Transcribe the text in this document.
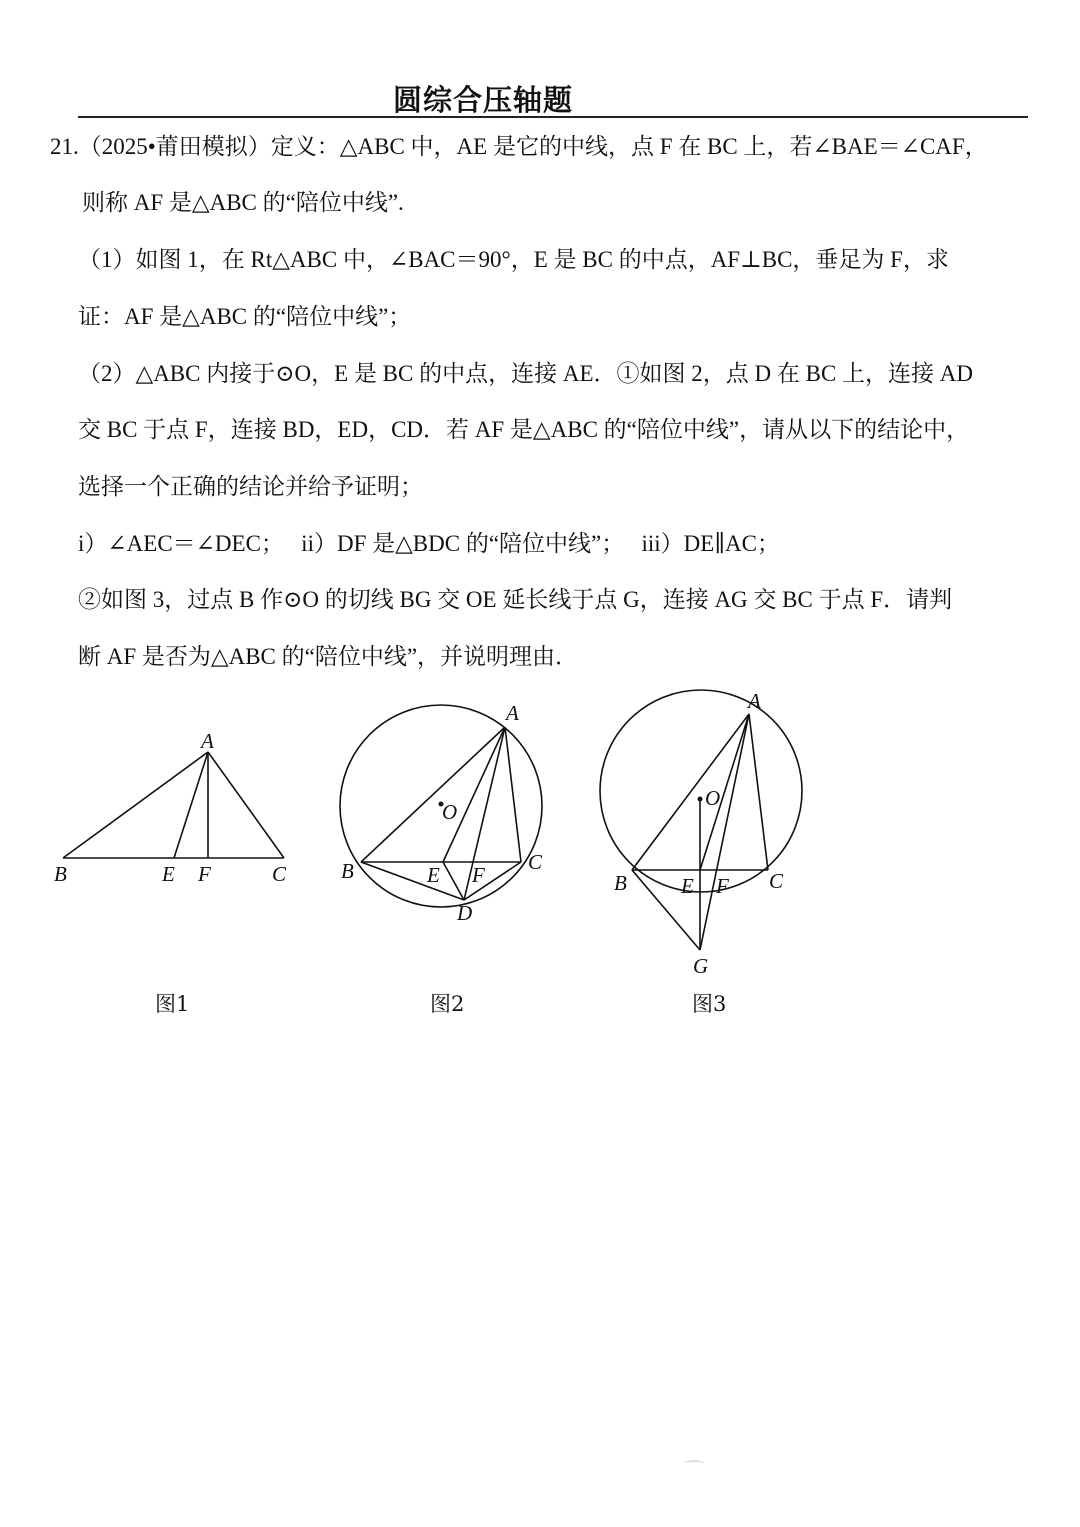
圆综合压轴题
21.（2025•莆田模拟）定义：△ABC 中，AE 是它的中线，点 F 在 BC 上，若∠BAE＝∠CAF，
则称 AF 是△ABC 的“陪位中线”.
（1）如图 1，在 Rt△ABC 中，∠BAC＝90°，E 是 BC 的中点，AF⊥BC，垂足为 F，求
证：AF 是△ABC 的“陪位中线”；
（2）△ABC 内接于⊙O，E 是 BC 的中点，连接 AE．①如图 2，点 D 在 BC 上，连接 AD
交 BC 于点 F，连接 BD，ED，CD．若 AF 是△ABC 的“陪位中线”，请从以下的结论中，
选择一个正确的结论并给予证明；
i）∠AEC＝∠DEC；　 ii）DF 是△BDC 的“陪位中线”；　 iii）DE∥AC；
②如图 3，过点 B 作⊙O 的切线 BG 交 OE 延长线于点 G，连接 AG 交 BC 于点 F．请判
断 AF 是否为△ABC 的“陪位中线”，并说明理由．
A
B	E F	C
A
O
B	E F
C
D
A
O
B	E F C
G
图1	图2	图3
